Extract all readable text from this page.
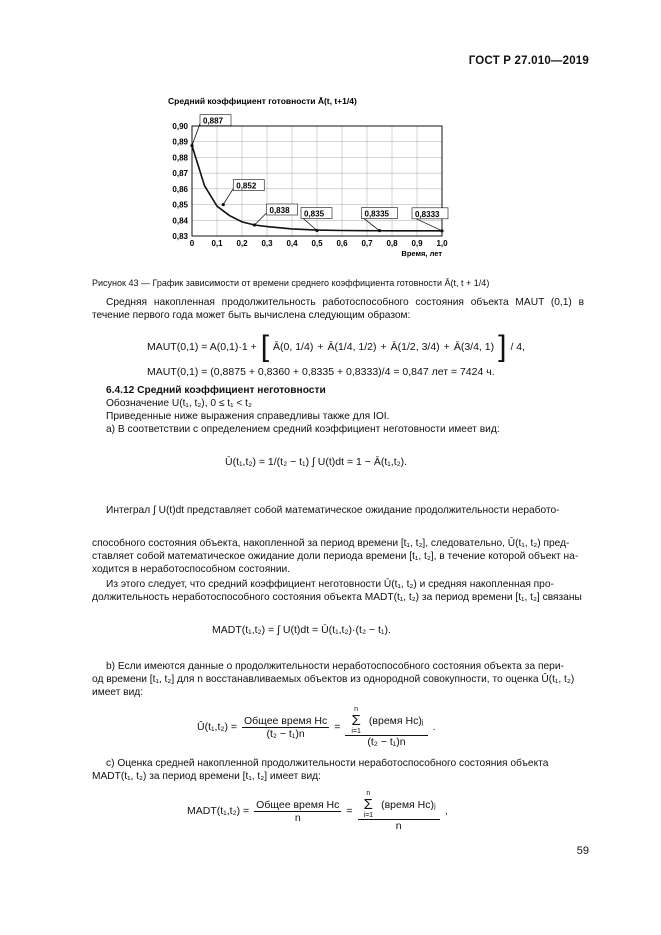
ГОСТ Р 27.010—2019
Средний коэффициент готовности Ā(t, t+1/4)
0,90
0,89
0,88
0,87
0,86
0,85
0,84
0,83
0 0,1 0,2 0,3 0,4 0,5 0,6 0,7 0,8 0,9 1,0
Время, лет
0,887
0,852
0,838 0,835	0,8335	0,8333
Рисунок 43 — График зависимости от времени среднего коэффициента готовности Ā(t, t + 1/4)
Средняя накопленная продолжительность работоспособного состояния объекта MAUT (0,1) в течение первого года может быть вычислена следующим образом:
MAUT(0,1) = A(0,1)·1 + [ Ā(0, 1/4) + Ā(1/4, 1/2) + Ā(1/2, 3/4) + Ā(3/4, 1) ] / 4,
MAUT(0,1) = (0,8875 + 0,8360 + 0,8335 + 0,8333)/4 = 0,847 лет = 7424 ч.
6.4.12 Средний коэффициент неготовности
Обозначение U(t₁, t₂), 0 ≤ t₁ < t₂
Приведенные ниже выражения справедливы также для IOI.
а) В соответствии с определением средний коэффициент неготовности имеет вид:
Ū(t₁,t₂) = 1/(t₂ − t₁) ∫ U(t)dt = 1 − Ā(t₁,t₂).
Интеграл ∫ U(t)dt представляет собой математическое ожидание продолжительности неработо-
способного состояния объекта, накопленной за период времени [t₁, t₂], следовательно, Ū(t₁, t₂) пред-
ставляет собой математическое ожидание доли периода времени [t₁, t₂], в течение которой объект на-
ходится в неработоспособном состоянии.
Из этого следует, что средний коэффициент неготовности Ū(t₁, t₂) и средняя накопленная про-
должительность неработоспособного состояния объекта MADT(t₁, t₂) за период времени [t₁, t₂] связаны
MADT(t₁,t₂) = ∫ U(t)dt = Ū(t₁,t₂)·(t₂ − t₁).
b) Если имеются данные о продолжительности неработоспособного состояния объекта за пери-
од времени [t₁, t₂] для n восстанавливаемых объектов из однородной совокупности, то оценка Û(t₁, t₂)
имеет вид:
Û(t₁,t₂) = $\frac{\text{Общее время Нс}}{\text{(t₂ − t₁)n}} = n$
Σ
i=1
(время Нс)ⱼ
(t₂ − t₁)n .
c) Оценка средней накопленной продолжительности неработоспособного состояния объекта
MADT(t₁, t₂) за период времени [t₁, t₂] имеет вид:
MADT(t₁,t₂) = $\frac{\text{Общее время Нс}}{n} = n$
Σ
i=1
(время Нс)ⱼ
n ,
59
